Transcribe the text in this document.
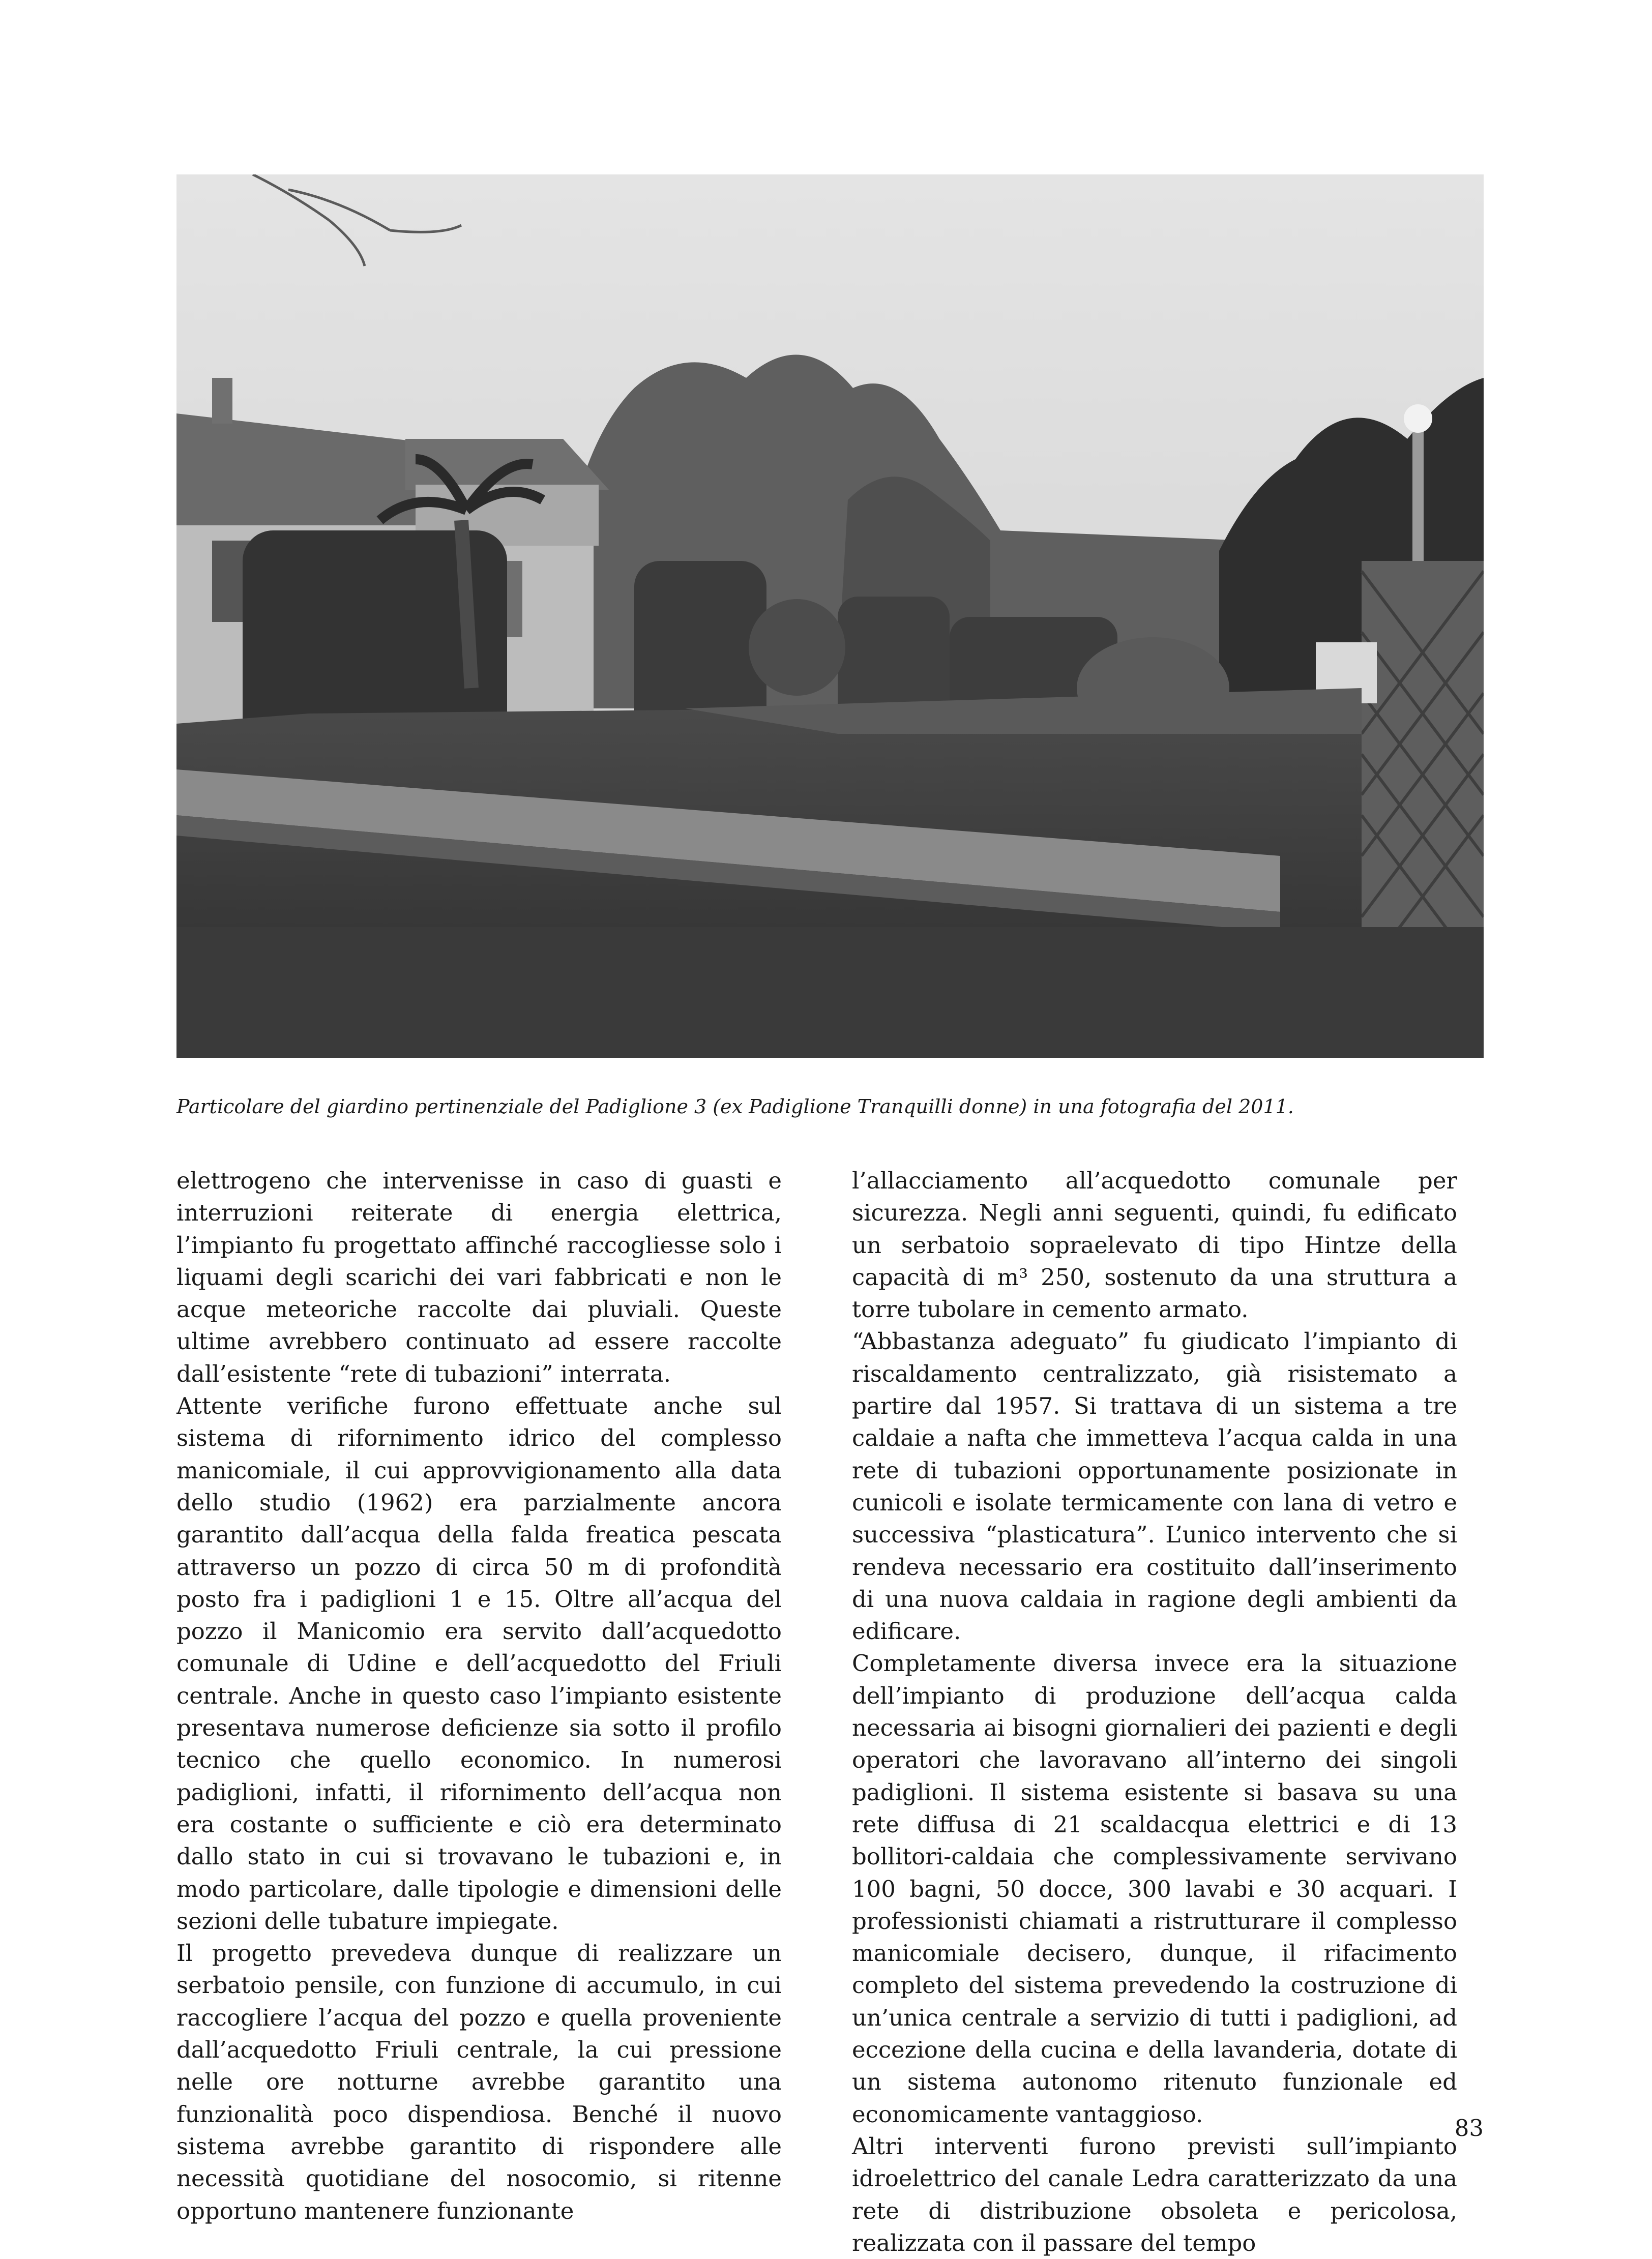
Particolare del giardino pertinenziale del Padiglione 3 (ex Padiglione Tranquilli donne) in una fotografia del 2011.

elettrogeno che intervenisse in caso di guasti e interruzioni reiterate di energia elettrica, l’impianto fu progettato affinché raccogliesse solo i liquami degli scarichi dei vari fabbricati e non le acque meteoriche raccolte dai pluviali. Queste ultime avrebbero continuato ad essere raccolte dall’esistente “rete di tubazioni” interrata.

Attente verifiche furono effettuate anche sul sistema di rifornimento idrico del complesso manicomiale, il cui approvvigionamento alla data dello studio (1962) era parzialmente ancora garantito dall’acqua della falda freatica pescata attraverso un pozzo di circa 50 m di profondità posto fra i padiglioni 1 e 15. Oltre all’acqua del pozzo il Manicomio era servito dall’acquedotto comunale di Udine e dell’acquedotto del Friuli centrale. Anche in questo caso l’impianto esistente presentava numerose deficienze sia sotto il profilo tecnico che quello economico. In numerosi padiglioni, infatti, il rifornimento dell’acqua non era costante o sufficiente e ciò era determinato dallo stato in cui si trovavano le tubazioni e, in modo particolare, dalle tipologie e dimensioni delle sezioni delle tubature impiegate.

Il progetto prevedeva dunque di realizzare un serbatoio pensile, con funzione di accumulo, in cui raccogliere l’acqua del pozzo e quella proveniente dall’acquedotto Friuli centrale, la cui pressione nelle ore notturne avrebbe garantito una funzionalità poco dispendiosa. Benché il nuovo sistema avrebbe garantito di rispondere alle necessità quotidiane del nosocomio, si ritenne opportuno mantenere funzionante

l’allacciamento all’acquedotto comunale per sicurezza. Negli anni seguenti, quindi, fu edificato un serbatoio sopraelevato di tipo Hintze della capacità di m³ 250, sostenuto da una struttura a torre tubolare in cemento armato.

“Abbastanza adeguato” fu giudicato l’impianto di riscaldamento centralizzato, già risistemato a partire dal 1957. Si trattava di un sistema a tre caldaie a nafta che immetteva l’acqua calda in una rete di tubazioni opportunamente posizionate in cunicoli e isolate termicamente con lana di vetro e successiva “plasticatura”. L’unico intervento che si rendeva necessario era costituito dall’inserimento di una nuova caldaia in ragione degli ambienti da edificare.

Completamente diversa invece era la situazione dell’impianto di produzione dell’acqua calda necessaria ai bisogni giornalieri dei pazienti e degli operatori che lavoravano all’interno dei singoli padiglioni. Il sistema esistente si basava su una rete diffusa di 21 scaldacqua elettrici e di 13 bollitori-caldaia che complessivamente servivano 100 bagni, 50 docce, 300 lavabi e 30 acquari. I professionisti chiamati a ristrutturare il complesso manicomiale decisero, dunque, il rifacimento completo del sistema prevedendo la costruzione di un’unica centrale a servizio di tutti i padiglioni, ad eccezione della cucina e della lavanderia, dotate di un sistema autonomo ritenuto funzionale ed economicamente vantaggioso.

Altri interventi furono previsti sull’impianto idroelettrico del canale Ledra caratterizzato da una rete di distribuzione obsoleta e pericolosa, realizzata con il passare del tempo

83
